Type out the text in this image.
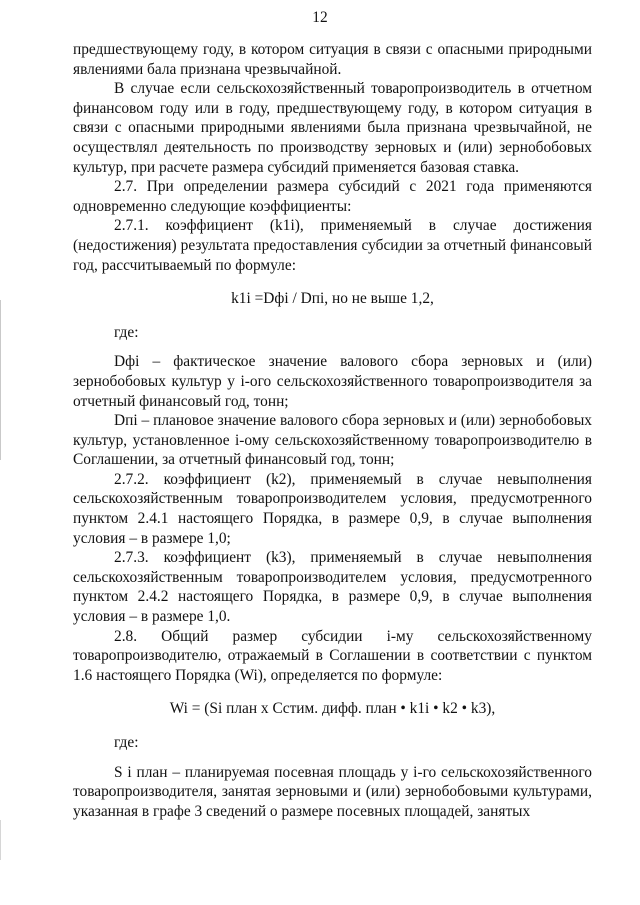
12

предшествующему году, в котором ситуация в связи с опасными природными явлениями бала признана чрезвычайной.

В случае если сельскохозяйственный товаропроизводитель в отчетном финансовом году или в году, предшествующему году, в котором ситуация в связи с опасными природными явлениями была признана чрезвычайной, не осуществлял деятельность по производству зерновых и (или) зернобобовых культур, при расчете размера субсидий применяется базовая ставка.

2.7. При определении размера субсидий с 2021 года применяются одновременно следующие коэффициенты:

2.7.1. коэффициент (k1i), применяемый в случае достижения (недостижения) результата предоставления субсидии за отчетный финансовый год, рассчитываемый по формуле:

k1i =Dфi / Dпi, но не выше 1,2,

где:

Dфi – фактическое значение валового сбора зерновых и (или) зернобобовых культур у i-ого сельскохозяйственного товаропроизводителя за отчетный финансовый год, тонн;

Dпi – плановое значение валового сбора зерновых и (или) зернобобовых культур, установленное i-ому сельскохозяйственному товаропроизводителю в Соглашении, за отчетный финансовый год, тонн;

2.7.2. коэффициент (k2), применяемый в случае невыполнения сельскохозяйственным товаропроизводителем условия, предусмотренного пунктом 2.4.1 настоящего Порядка, в размере 0,9, в случае выполнения условия – в размере 1,0;

2.7.3. коэффициент (k3), применяемый в случае невыполнения сельскохозяйственным товаропроизводителем условия, предусмотренного пунктом 2.4.2 настоящего Порядка, в размере 0,9, в случае выполнения условия – в размере 1,0.

2.8. Общий размер субсидии i-му сельскохозяйственному товаропроизводителю, отражаемый в Соглашении в соответствии с пунктом 1.6 настоящего Порядка (Wi), определяется по формуле:

Wi = (Si план x Cстим. дифф. план • k1i • k2 • k3),

где:

S i план – планируемая посевная площадь у i-го сельскохозяйственного товаропроизводителя, занятая зерновыми и (или) зернобобовыми культурами, указанная в графе 3 сведений о размере посевных площадей, занятых
